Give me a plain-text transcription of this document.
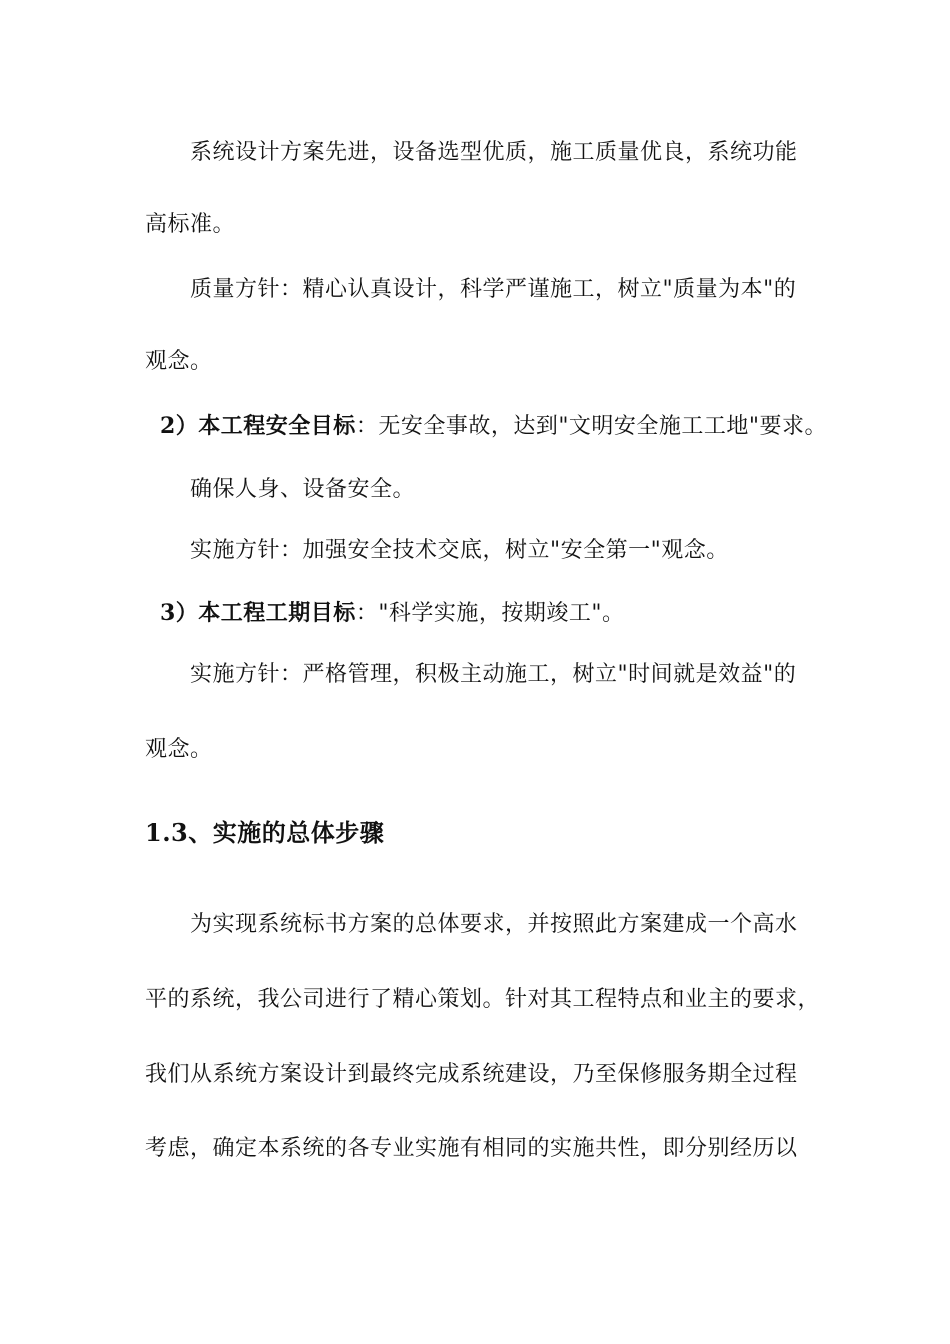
系统设计方案先进，设备选型优质，施工质量优良，系统功能
高标准。
质量方针：精心认真设计，科学严谨施工，树立"质量为本"的
观念。
2）本工程安全目标：无安全事故，达到"文明安全施工工地"要求。
确保人身、设备安全。
实施方针：加强安全技术交底，树立"安全第一"观念。
3）本工程工期目标："科学实施，按期竣工"。
实施方针：严格管理，积极主动施工，树立"时间就是效益"的
观念。
1.3、实施的总体步骤
为实现系统标书方案的总体要求，并按照此方案建成一个高水
平的系统，我公司进行了精心策划。针对其工程特点和业主的要求，
我们从系统方案设计到最终完成系统建设，乃至保修服务期全过程
考虑，确定本系统的各专业实施有相同的实施共性，即分别经历以
